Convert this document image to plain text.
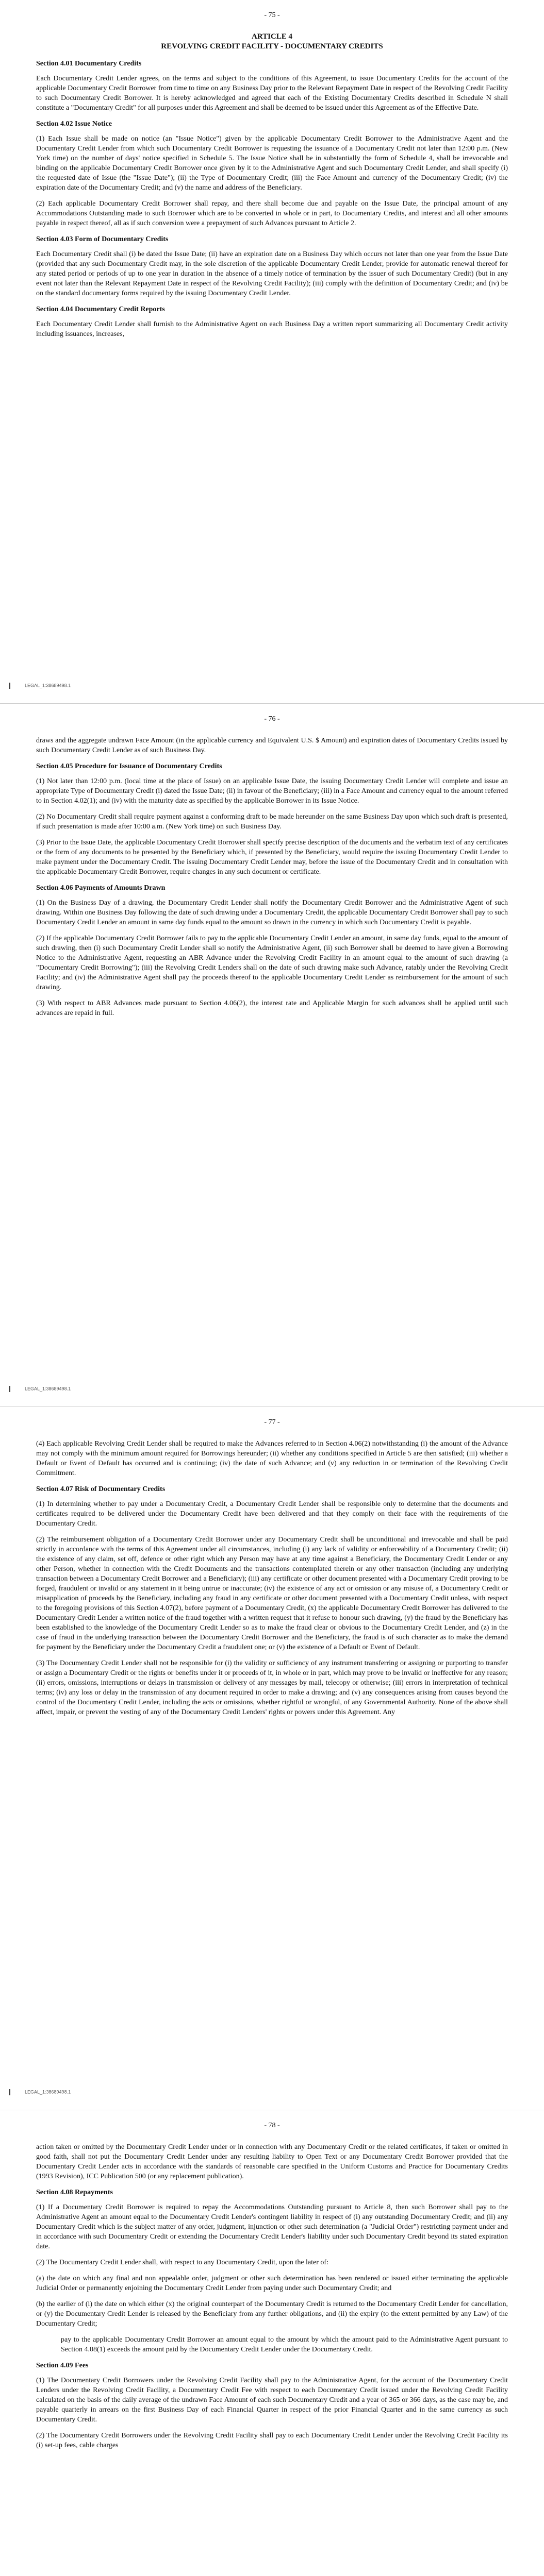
- 75 -
ARTICLE 4
REVOLVING CREDIT FACILITY - DOCUMENTARY CREDITS
Section 4.01 Documentary Credits

Each Documentary Credit Lender agrees, on the terms and subject to the conditions of this Agreement, to issue Documentary Credits for the account of the applicable Documentary Credit Borrower from time to time on any Business Day prior to the Relevant Repayment Date in respect of the Revolving Credit Facility to such Documentary Credit Borrower. It is hereby acknowledged and agreed that each of the Existing Documentary Credits described in Schedule N shall constitute a "Documentary Credit" for all purposes under this Agreement and shall be deemed to be issued under this Agreement as of the Effective Date.

Section 4.02 Issue Notice

(1) Each Issue shall be made on notice (an "Issue Notice") given by the applicable Documentary Credit Borrower to the Administrative Agent and the Documentary Credit Lender from which such Documentary Credit Borrower is requesting the issuance of a Documentary Credit not later than 12:00 p.m. (New York time) on the number of days' notice specified in Schedule 5. The Issue Notice shall be in substantially the form of Schedule 4, shall be irrevocable and binding on the applicable Documentary Credit Borrower once given by it to the Administrative Agent and such Documentary Credit Lender, and shall specify (i) the requested date of Issue (the "Issue Date"); (ii) the Type of Documentary Credit; (iii) the Face Amount and currency of the Documentary Credit; (iv) the expiration date of the Documentary Credit; and (v) the name and address of the Beneficiary.

(2) Each applicable Documentary Credit Borrower shall repay, and there shall become due and payable on the Issue Date, the principal amount of any Accommodations Outstanding made to such Borrower which are to be converted in whole or in part, to Documentary Credits, and interest and all other amounts payable in respect thereof, all as if such conversion were a prepayment of such Advances pursuant to Article 2.

Section 4.03 Form of Documentary Credits

Each Documentary Credit shall (i) be dated the Issue Date; (ii) have an expiration date on a Business Day which occurs not later than one year from the Issue Date (provided that any such Documentary Credit may, in the sole discretion of the applicable Documentary Credit Lender, provide for automatic renewal thereof for any stated period or periods of up to one year in duration in the absence of a timely notice of termination by the issuer of such Documentary Credit) (but in any event not later than the Relevant Repayment Date in respect of the Revolving Credit Facility); (iii) comply with the definition of Documentary Credit; and (iv) be on the standard documentary forms required by the issuing Documentary Credit Lender.

Section 4.04 Documentary Credit Reports

Each Documentary Credit Lender shall furnish to the Administrative Agent on each Business Day a written report summarizing all Documentary Credit activity including issuances, increases,

LEGAL_1:38689498.1
- 76 -

draws and the aggregate undrawn Face Amount (in the applicable currency and Equivalent U.S. $ Amount) and expiration dates of Documentary Credits issued by such Documentary Credit Lender as of such Business Day.

Section 4.05 Procedure for Issuance of Documentary Credits

(1) Not later than 12:00 p.m. (local time at the place of Issue) on an applicable Issue Date, the issuing Documentary Credit Lender will complete and issue an appropriate Type of Documentary Credit (i) dated the Issue Date; (ii) in favour of the Beneficiary; (iii) in a Face Amount and currency equal to the amount referred to in Section 4.02(1); and (iv) with the maturity date as specified by the applicable Borrower in its Issue Notice.

(2) No Documentary Credit shall require payment against a conforming draft to be made hereunder on the same Business Day upon which such draft is presented, if such presentation is made after 10:00 a.m. (New York time) on such Business Day.

(3) Prior to the Issue Date, the applicable Documentary Credit Borrower shall specify precise description of the documents and the verbatim text of any certificates or the form of any documents to be presented by the Beneficiary which, if presented by the Beneficiary, would require the issuing Documentary Credit Lender to make payment under the Documentary Credit. The issuing Documentary Credit Lender may, before the issue of the Documentary Credit and in consultation with the applicable Documentary Credit Borrower, require changes in any such document or certificate.

Section 4.06 Payments of Amounts Drawn

(1) On the Business Day of a drawing, the Documentary Credit Lender shall notify the Documentary Credit Borrower and the Administrative Agent of such drawing. Within one Business Day following the date of such drawing under a Documentary Credit, the applicable Documentary Credit Borrower shall pay to such Documentary Credit Lender an amount in same day funds equal to the amount so drawn in the currency in which such Documentary Credit is payable.

(2) If the applicable Documentary Credit Borrower fails to pay to the applicable Documentary Credit Lender an amount, in same day funds, equal to the amount of such drawing, then (i) such Documentary Credit Lender shall so notify the Administrative Agent, (ii) such Borrower shall be deemed to have given a Borrowing Notice to the Administrative Agent, requesting an ABR Advance under the Revolving Credit Facility in an amount equal to the amount of such drawing (a "Documentary Credit Borrowing"); (iii) the Revolving Credit Lenders shall on the date of such drawing make such Advance, ratably under the Revolving Credit Facility; and (iv) the Administrative Agent shall pay the proceeds thereof to the applicable Documentary Credit Lender as reimbursement for the amount of such drawing.

(3) With respect to ABR Advances made pursuant to Section 4.06(2), the interest rate and Applicable Margin for such advances shall be applied until such advances are repaid in full.

LEGAL_1:38689498.1
- 77 -

(4) Each applicable Revolving Credit Lender shall be required to make the Advances referred to in Section 4.06(2) notwithstanding (i) the amount of the Advance may not comply with the minimum amount required for Borrowings hereunder; (ii) whether any conditions specified in Article 5 are then satisfied; (iii) whether a Default or Event of Default has occurred and is continuing; (iv) the date of such Advance; and (v) any reduction in or termination of the Revolving Credit Commitment.

Section 4.07 Risk of Documentary Credits

(1) In determining whether to pay under a Documentary Credit, a Documentary Credit Lender shall be responsible only to determine that the documents and certificates required to be delivered under the Documentary Credit have been delivered and that they comply on their face with the requirements of the Documentary Credit.

(2) The reimbursement obligation of a Documentary Credit Borrower under any Documentary Credit shall be unconditional and irrevocable and shall be paid strictly in accordance with the terms of this Agreement under all circumstances, including (i) any lack of validity or enforceability of a Documentary Credit; (ii) the existence of any claim, set off, defence or other right which any Person may have at any time against a Beneficiary, the Documentary Credit Lender or any other Person, whether in connection with the Credit Documents and the transactions contemplated therein or any other transaction (including any underlying transaction between a Documentary Credit Borrower and a Beneficiary); (iii) any certificate or other document presented with a Documentary Credit proving to be forged, fraudulent or invalid or any statement in it being untrue or inaccurate; (iv) the existence of any act or omission or any misuse of, a Documentary Credit or misapplication of proceeds by the Beneficiary, including any fraud in any certificate or other document presented with a Documentary Credit unless, with respect to the foregoing provisions of this Section 4.07(2), before payment of a Documentary Credit, (x) the applicable Documentary Credit Borrower has delivered to the Documentary Credit Lender a written notice of the fraud together with a written request that it refuse to honour such drawing, (y) the fraud by the Beneficiary has been established to the knowledge of the Documentary Credit Lender so as to make the fraud clear or obvious to the Documentary Credit Lender, and (z) in the case of fraud in the underlying transaction between the Documentary Credit Borrower and the Beneficiary, the fraud is of such character as to make the demand for payment by the Beneficiary under the Documentary Credit a fraudulent one; or (v) the existence of a Default or Event of Default.

(3) The Documentary Credit Lender shall not be responsible for (i) the validity or sufficiency of any instrument transferring or assigning or purporting to transfer or assign a Documentary Credit or the rights or benefits under it or proceeds of it, in whole or in part, which may prove to be invalid or ineffective for any reason; (ii) errors, omissions, interruptions or delays in transmission or delivery of any messages by mail, telecopy or otherwise; (iii) errors in interpretation of technical terms; (iv) any loss or delay in the transmission of any document required in order to make a drawing; and (v) any consequences arising from causes beyond the control of the Documentary Credit Lender, including the acts or omissions, whether rightful or wrongful, of any Governmental Authority. None of the above shall affect, impair, or prevent the vesting of any of the Documentary Credit Lenders' rights or powers under this Agreement. Any

LEGAL_1:38689498.1
- 78 -

action taken or omitted by the Documentary Credit Lender under or in connection with any Documentary Credit or the related certificates, if taken or omitted in good faith, shall not put the Documentary Credit Lender under any resulting liability to Open Text or any Documentary Credit Borrower provided that the Documentary Credit Lender acts in accordance with the standards of reasonable care specified in the Uniform Customs and Practice for Documentary Credits (1993 Revision), ICC Publication 500 (or any replacement publication).

Section 4.08 Repayments

(1) If a Documentary Credit Borrower is required to repay the Accommodations Outstanding pursuant to Article 8, then such Borrower shall pay to the Administrative Agent an amount equal to the Documentary Credit Lender's contingent liability in respect of (i) any outstanding Documentary Credit; and (ii) any Documentary Credit which is the subject matter of any order, judgment, injunction or other such determination (a "Judicial Order") restricting payment under and in accordance with such Documentary Credit or extending the Documentary Credit Lender's liability under such Documentary Credit beyond its stated expiration date.

(2) The Documentary Credit Lender shall, with respect to any Documentary Credit, upon the later of:

(a) the date on which any final and non appealable order, judgment or other such determination has been rendered or issued either terminating the applicable Judicial Order or permanently enjoining the Documentary Credit Lender from paying under such Documentary Credit; and

(b) the earlier of (i) the date on which either (x) the original counterpart of the Documentary Credit is returned to the Documentary Credit Lender for cancellation, or (y) the Documentary Credit Lender is released by the Beneficiary from any further obligations, and (ii) the expiry (to the extent permitted by any Law) of the Documentary Credit;

pay to the applicable Documentary Credit Borrower an amount equal to the amount by which the amount paid to the Administrative Agent pursuant to Section 4.08(1) exceeds the amount paid by the Documentary Credit Lender under the Documentary Credit.

Section 4.09 Fees

(1) The Documentary Credit Borrowers under the Revolving Credit Facility shall pay to the Administrative Agent, for the account of the Documentary Credit Lenders under the Revolving Credit Facility, a Documentary Credit Fee with respect to each Documentary Credit issued under the Revolving Credit Facility calculated on the basis of the daily average of the undrawn Face Amount of each such Documentary Credit and a year of 365 or 366 days, as the case may be, and payable quarterly in arrears on the first Business Day of each Financial Quarter in respect of the prior Financial Quarter and in the same currency as such Documentary Credit.

(2) The Documentary Credit Borrowers under the Revolving Credit Facility shall pay to each Documentary Credit Lender under the Revolving Credit Facility its (i) set-up fees, cable charges
